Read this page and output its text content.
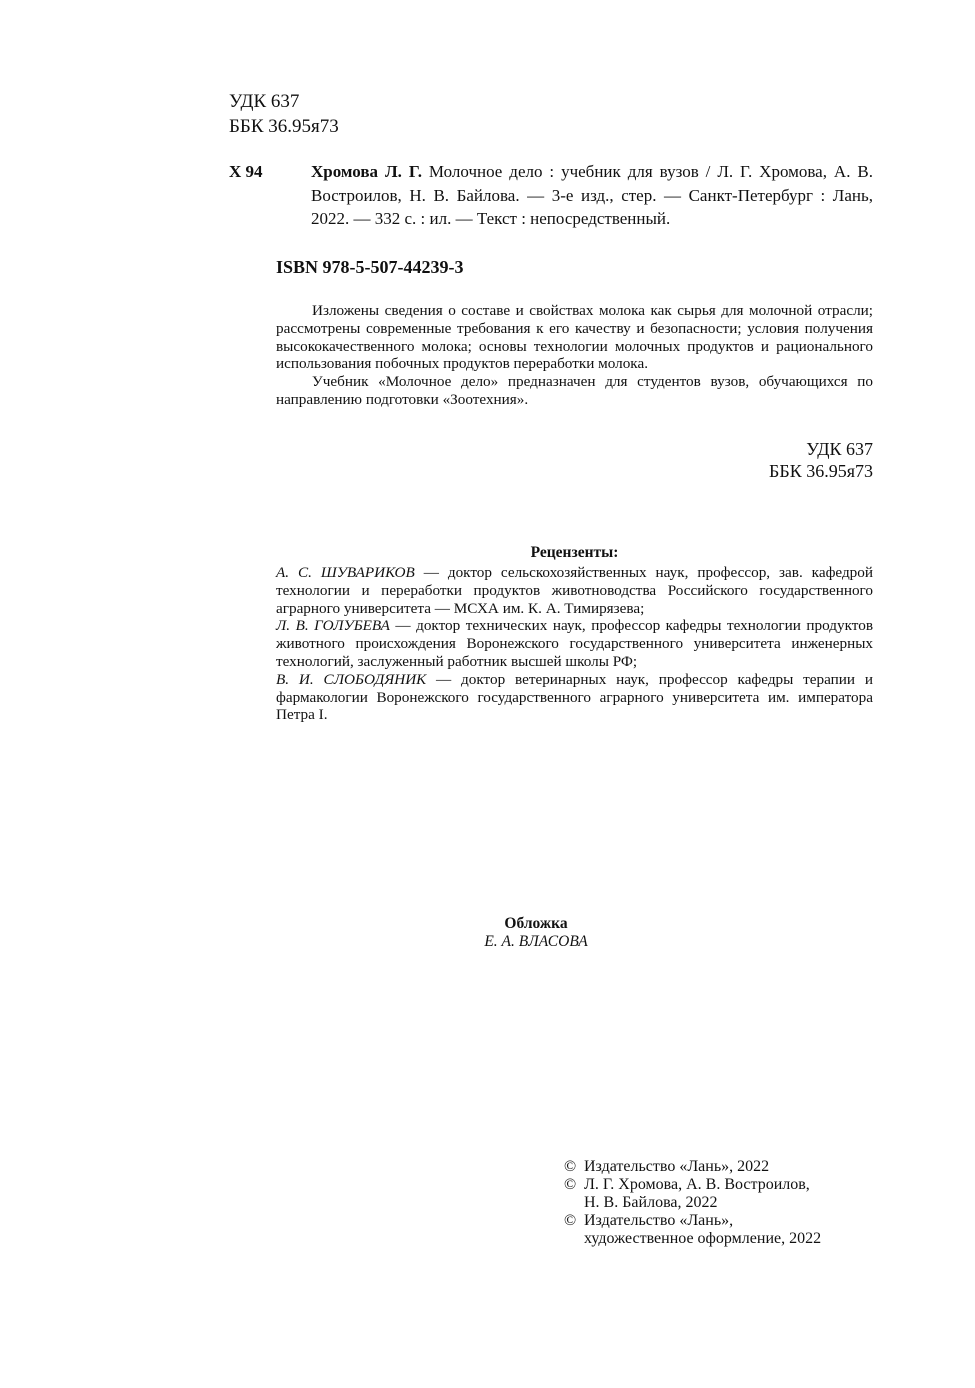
УДК 637
ББК 36.95я73
Х 94	Хромова Л. Г. Молочное дело : учебник для вузов / Л. Г. Хромова, А. В. Востроилов, Н. В. Байлова. — 3-е изд., стер. — Санкт-Петербург : Лань, 2022. — 332 с. : ил. — Текст : непосредственный.
ISBN 978-5-507-44239-3

Изложены сведения о составе и свойствах молока как сырья для молочной отрасли; рассмотрены современные требования к его качеству и безопасности; условия получения высококачественного молока; основы технологии молочных продуктов и рационального использования побочных продуктов переработки молока.

Учебник «Молочное дело» предназначен для студентов вузов, обучающихся по направлению подготовки «Зоотехния».

УДК 637
ББК 36.95я73
Рецензенты:

А. С. ШУВАРИКОВ — доктор сельскохозяйственных наук, профессор, зав. кафедрой технологии и переработки продуктов животноводства Российского государственного аграрного университета — МСХА им. К. А. Тимирязева;

Л. В. ГОЛУБЕВА — доктор технических наук, профессор кафедры технологии продуктов животного происхождения Воронежского государственного университета инженерных технологий, заслуженный работник высшей школы РФ;

В. И. СЛОБОДЯНИК — доктор ветеринарных наук, профессор кафедры терапии и фармакологии Воронежского государственного аграрного университета им. императора Петра I.

Обложка
Е. А. ВЛАСОВА
© Издательство «Лань», 2022
© Л. Г. Хромова, А. В. Востроилов,
Н. В. Байлова, 2022
© Издательство «Лань»,
художественное оформление, 2022
